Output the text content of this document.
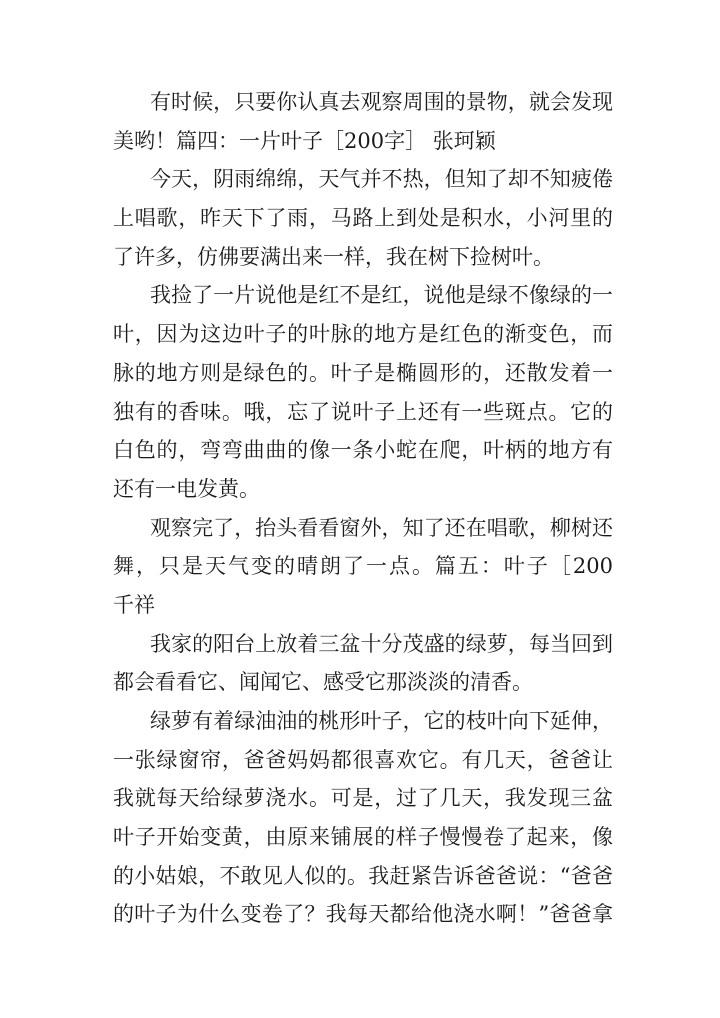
有时候，只要你认真去观察周围的景物，就会发现
美哟！篇四：一片叶子［200字］ 张珂颖
今天，阴雨绵绵，天气并不热，但知了却不知疲倦
上唱歌，昨天下了雨，马路上到处是积水，小河里的
了许多，仿佛要满出来一样，我在树下捡树叶。
我捡了一片说他是红不是红，说他是绿不像绿的一
叶，因为这边叶子的叶脉的地方是红色的渐变色，而
脉的地方则是绿色的。叶子是椭圆形的，还散发着一
独有的香味。哦，忘了说叶子上还有一些斑点。它的
白色的，弯弯曲曲的像一条小蛇在爬，叶柄的地方有
还有一电发黄。
观察完了，抬头看看窗外，知了还在唱歌，柳树还
舞，只是天气变的晴朗了一点。篇五：叶子［200
千祥
我家的阳台上放着三盆十分茂盛的绿萝，每当回到
都会看看它、闻闻它、感受它那淡淡的清香。
绿萝有着绿油油的桃形叶子，它的枝叶向下延伸，
一张绿窗帘，爸爸妈妈都很喜欢它。有几天，爸爸让
我就每天给绿萝浇水。可是，过了几天，我发现三盆
叶子开始变黄，由原来铺展的样子慢慢卷了起来，像
的小姑娘，不敢见人似的。我赶紧告诉爸爸说：“爸爸
的叶子为什么变卷了？我每天都给他浇水啊！”爸爸拿
